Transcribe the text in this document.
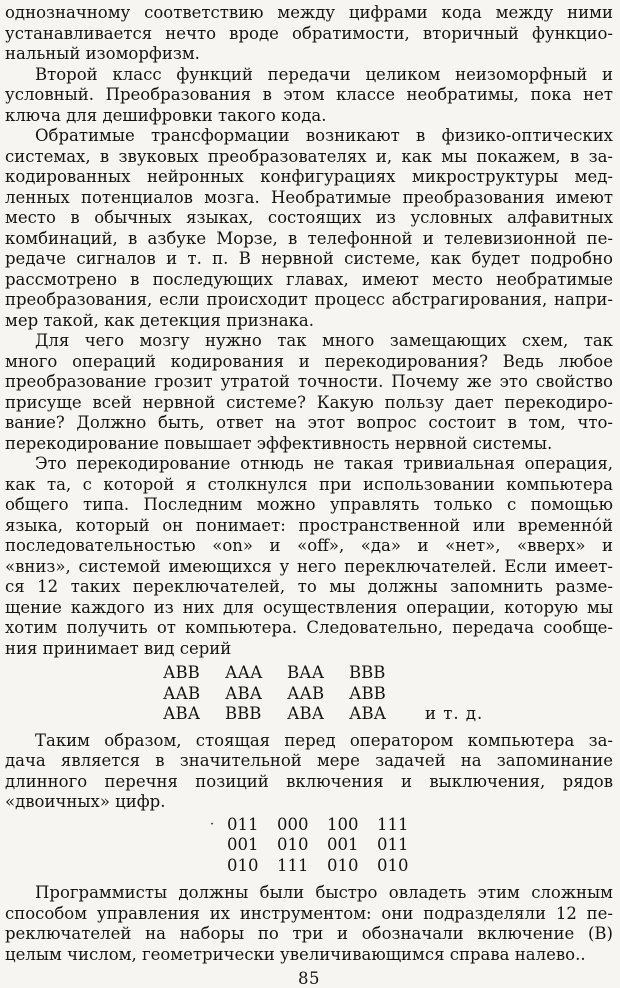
однозначному соответствию между цифрами кода между ними
устанавливается нечто вроде обратимости, вторичный функцио-
нальный изоморфизм.
Второй класс функций передачи целиком неизоморфный и
условный. Преобразования в этом классе необратимы, пока нет
ключа для дешифровки такого кода.
Обратимые трансформации возникают в физико-оптических
системах, в звуковых преобразователях и, как мы покажем, в за-
кодированных нейронных конфигурациях микроструктуры мед-
ленных потенциалов мозга. Необратимые преобразования имеют
место в обычных языках, состоящих из условных алфавитных
комбинаций, в азбуке Морзе, в телефонной и телевизионной пе-
редаче сигналов и т. п. В нервной системе, как будет подробно
рассмотрено в последующих главах, имеют место необратимые
преобразования, если происходит процесс абстрагирования, напри-
мер такой, как детекция признака.
Для чего мозгу нужно так много замещающих схем, так
много операций кодирования и перекодирования? Ведь любое
преобразование грозит утратой точности. Почему же это свойство
присуще всей нервной системе? Какую пользу дает перекодиро-
вание? Должно быть, ответ на этот вопрос состоит в том, что-
перекодирование повышает эффективность нервной системы.
Это перекодирование отнюдь не такая тривиальная операция,
как та, с которой я столкнулся при использовании компьютера
общего типа. Последним можно управлять только с помощью
языка, который он понимает: пространственной или временно́й
последовательностью «on» и «off», «да» и «нет», «вверх» и
«вниз», системой имеющихся у него переключателей. Если имеет-
ся 12 таких переключателей, то мы должны запомнить разме-
щение каждого из них для осуществления операции, которую мы
хотим получить от компьютера. Следовательно, передача сообще-
ния принимает вид серий
АВВ ААА ВАА ВВВ
ААВ АВА ААВ АВВ
АВА ВВВ АВА АВА и т. д.
Таким образом, стоящая перед оператором компьютера за-
дача является в значительной мере задачей на запоминание
длинного перечня позиций включения и выключения, рядов
«двоичных» цифр.
· 011 000 100 111
001 010 001 011
010 111 010 010
Программисты должны были быстро овладеть этим сложным
способом управления их инструментом: они подразделяли 12 пе-
реключателей на наборы по три и обозначали включение (В)
целым числом, геометрически увеличивающимся справа налево..
85
